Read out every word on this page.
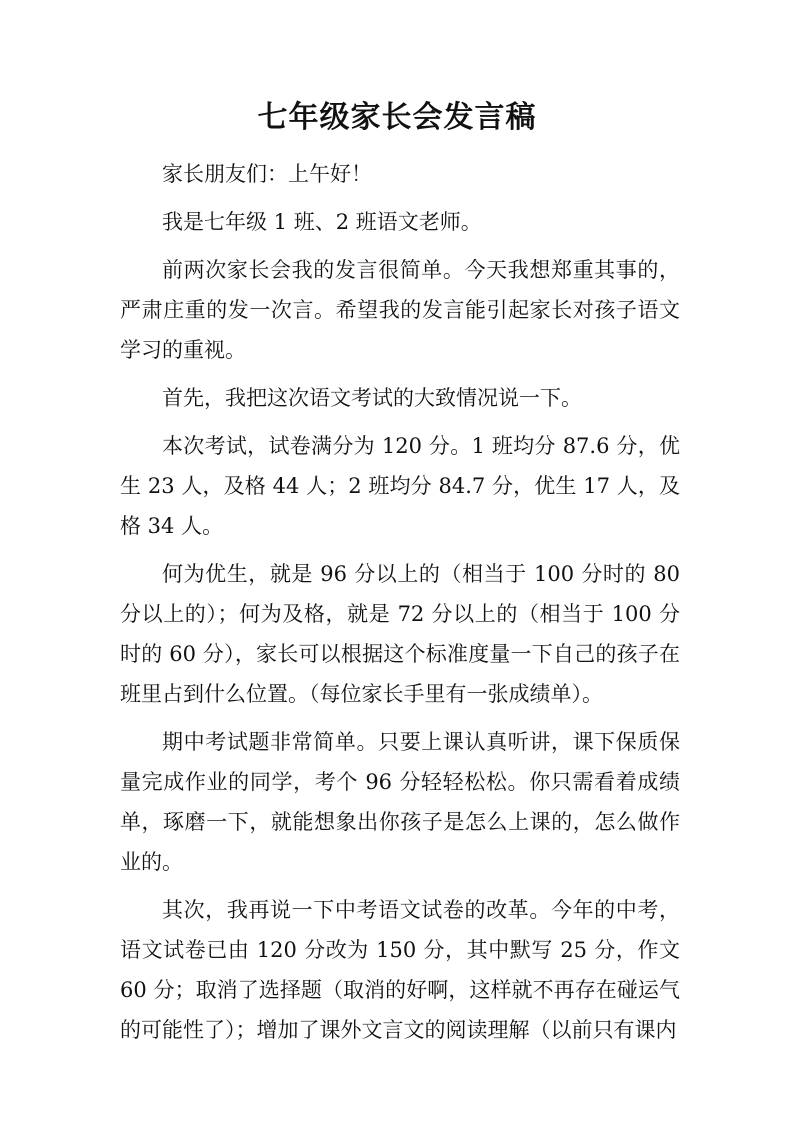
七年级家长会发言稿

家长朋友们：上午好！

我是七年级 1 班、2 班语文老师。

前两次家长会我的发言很简单。今天我想郑重其事的，严肃庄重的发一次言。希望我的发言能引起家长对孩子语文学习的重视。

首先，我把这次语文考试的大致情况说一下。

本次考试，试卷满分为 120 分。1 班均分 87.6 分，优生 23 人，及格 44 人；2 班均分 84.7 分，优生 17 人，及格 34 人。

何为优生，就是 96 分以上的（相当于 100 分时的 80 分以上的）；何为及格，就是 72 分以上的（相当于 100 分时的 60 分），家长可以根据这个标准度量一下自己的孩子在班里占到什么位置。（每位家长手里有一张成绩单）。

期中考试题非常简单。只要上课认真听讲，课下保质保量完成作业的同学，考个 96 分轻轻松松。你只需看着成绩单，琢磨一下，就能想象出你孩子是怎么上课的，怎么做作业的。

其次，我再说一下中考语文试卷的改革。今年的中考，语文试卷已由 120 分改为 150 分，其中默写 25 分，作文 60 分；取消了选择题（取消的好啊，这样就不再存在碰运气的可能性了）；增加了课外文言文的阅读理解（以前只有课内
